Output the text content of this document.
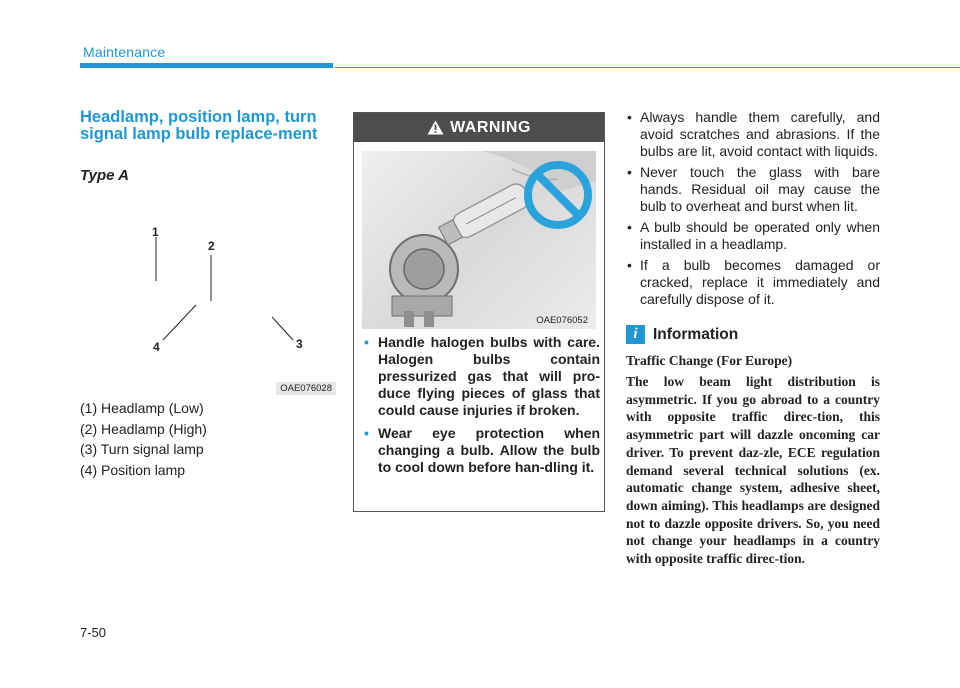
Maintenance
Headlamp, position lamp, turn signal lamp bulb replace-ment
Type A
1
2
3
4
OAE076028
(1) Headlamp (Low)
(2) Headlamp (High)
(3) Turn signal lamp
(4) Position lamp
WARNING
OAE076052
• Handle halogen bulbs with care. Halogen bulbs contain pressurized gas that will pro-duce flying pieces of glass that could cause injuries if broken.
• Wear eye protection when changing a bulb. Allow the bulb to cool down before han-dling it.
• Always handle them carefully, and avoid scratches and abrasions. If the bulbs are lit, avoid contact with liquids.
• Never touch the glass with bare hands. Residual oil may cause the bulb to overheat and burst when lit.
• A bulb should be operated only when installed in a headlamp.
• If a bulb becomes damaged or cracked, replace it immediately and carefully dispose of it.
i Information
Traffic Change (For Europe)
The low beam light distribution is asymmetric. If you go abroad to a country with opposite traffic direc-tion, this asymmetric part will dazzle oncoming car driver. To prevent daz-zle, ECE regulation demand several technical solutions (ex. automatic change system, adhesive sheet, down aiming). This headlamps are designed not to dazzle opposite drivers. So, you need not change your headlamps in a country with opposite traffic direc-tion.
7-50
